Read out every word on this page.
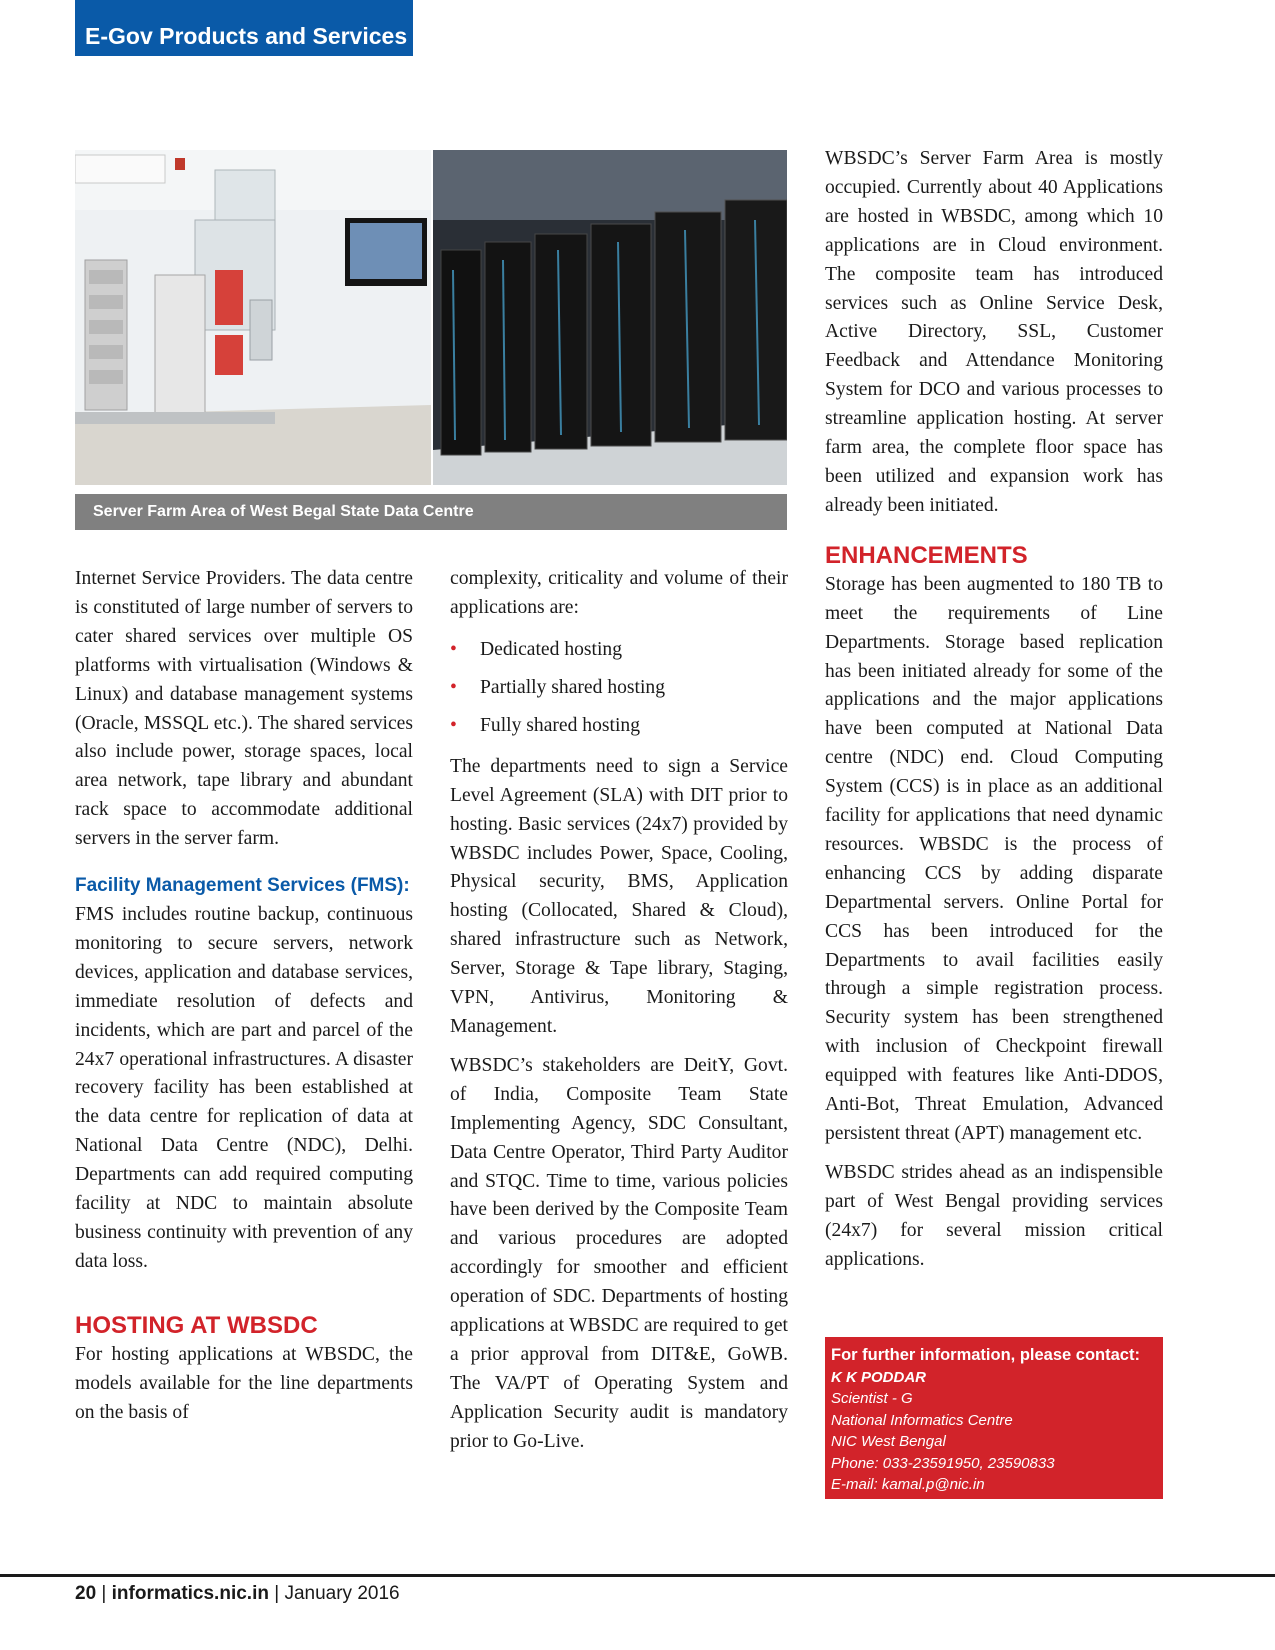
E-Gov Products and Services
Server Farm Area of West Begal State Data Centre

Internet Service Providers. The data centre is constituted of large number of servers to cater shared services over multiple OS platforms with virtualisation (Windows & Linux) and database management systems (Oracle, MSSQL etc.). The shared services also include power, storage spaces, local area network, tape library and abundant rack space to accommodate additional servers in the server farm.

Facility Management Services (FMS):
FMS includes routine backup, continuous monitoring to secure servers, network devices, application and database services, immediate resolution of defects and incidents, which are part and parcel of the 24x7 operational infrastructures. A disaster recovery facility has been established at the data centre for replication of data at National Data Centre (NDC), Delhi. Departments can add required computing facility at NDC to maintain absolute business continuity with prevention of any data loss.

HOSTING AT WBSDC

For hosting applications at WBSDC, the models available for the line departments on the basis of

complexity, criticality and volume of their applications are:

• Dedicated hosting
• Partially shared hosting
• Fully shared hosting

The departments need to sign a Service Level Agreement (SLA) with DIT prior to hosting. Basic services (24x7) provided by WBSDC includes Power, Space, Cooling, Physical security, BMS, Application hosting (Collocated, Shared & Cloud), shared infrastructure such as Network, Server, Storage & Tape library, Staging, VPN, Antivirus, Monitoring & Management.

WBSDC’s stakeholders are DeitY, Govt. of India, Composite Team State Implementing Agency, SDC Consultant, Data Centre Operator, Third Party Auditor and STQC. Time to time, various policies have been derived by the Composite Team and various procedures are adopted accordingly for smoother and efficient operation of SDC. Departments of hosting applications at WBSDC are required to get a prior approval from DIT&E, GoWB. The VA/PT of Operating System and Application Security audit is mandatory prior to Go-Live.

WBSDC’s Server Farm Area is mostly occupied. Currently about 40 Applications are hosted in WBSDC, among which 10 applications are in Cloud environment. The composite team has introduced services such as Online Service Desk, Active Directory, SSL, Customer Feedback and Attendance Monitoring System for DCO and various processes to streamline application hosting. At server farm area, the complete floor space has been utilized and expansion work has already been initiated.

ENHANCEMENTS

Storage has been augmented to 180 TB to meet the requirements of Line Departments. Storage based replication has been initiated already for some of the applications and the major applications have been computed at National Data centre (NDC) end. Cloud Computing System (CCS) is in place as an additional facility for applications that need dynamic resources. WBSDC is the process of enhancing CCS by adding disparate Departmental servers. Online Portal for CCS has been introduced for the Departments to avail facilities easily through a simple registration process. Security system has been strengthened with inclusion of Checkpoint firewall equipped with features like Anti-DDOS, Anti-Bot, Threat Emulation, Advanced persistent threat (APT) management etc.

WBSDC strides ahead as an indispensible part of West Bengal providing services (24x7) for several mission critical applications.

For further information, please contact:
K K PODDAR
Scientist - G
National Informatics Centre
NIC West Bengal
Phone: 033-23591950, 23590833
E-mail: kamal.p@nic.in
20 | informatics.nic.in | January 2016
